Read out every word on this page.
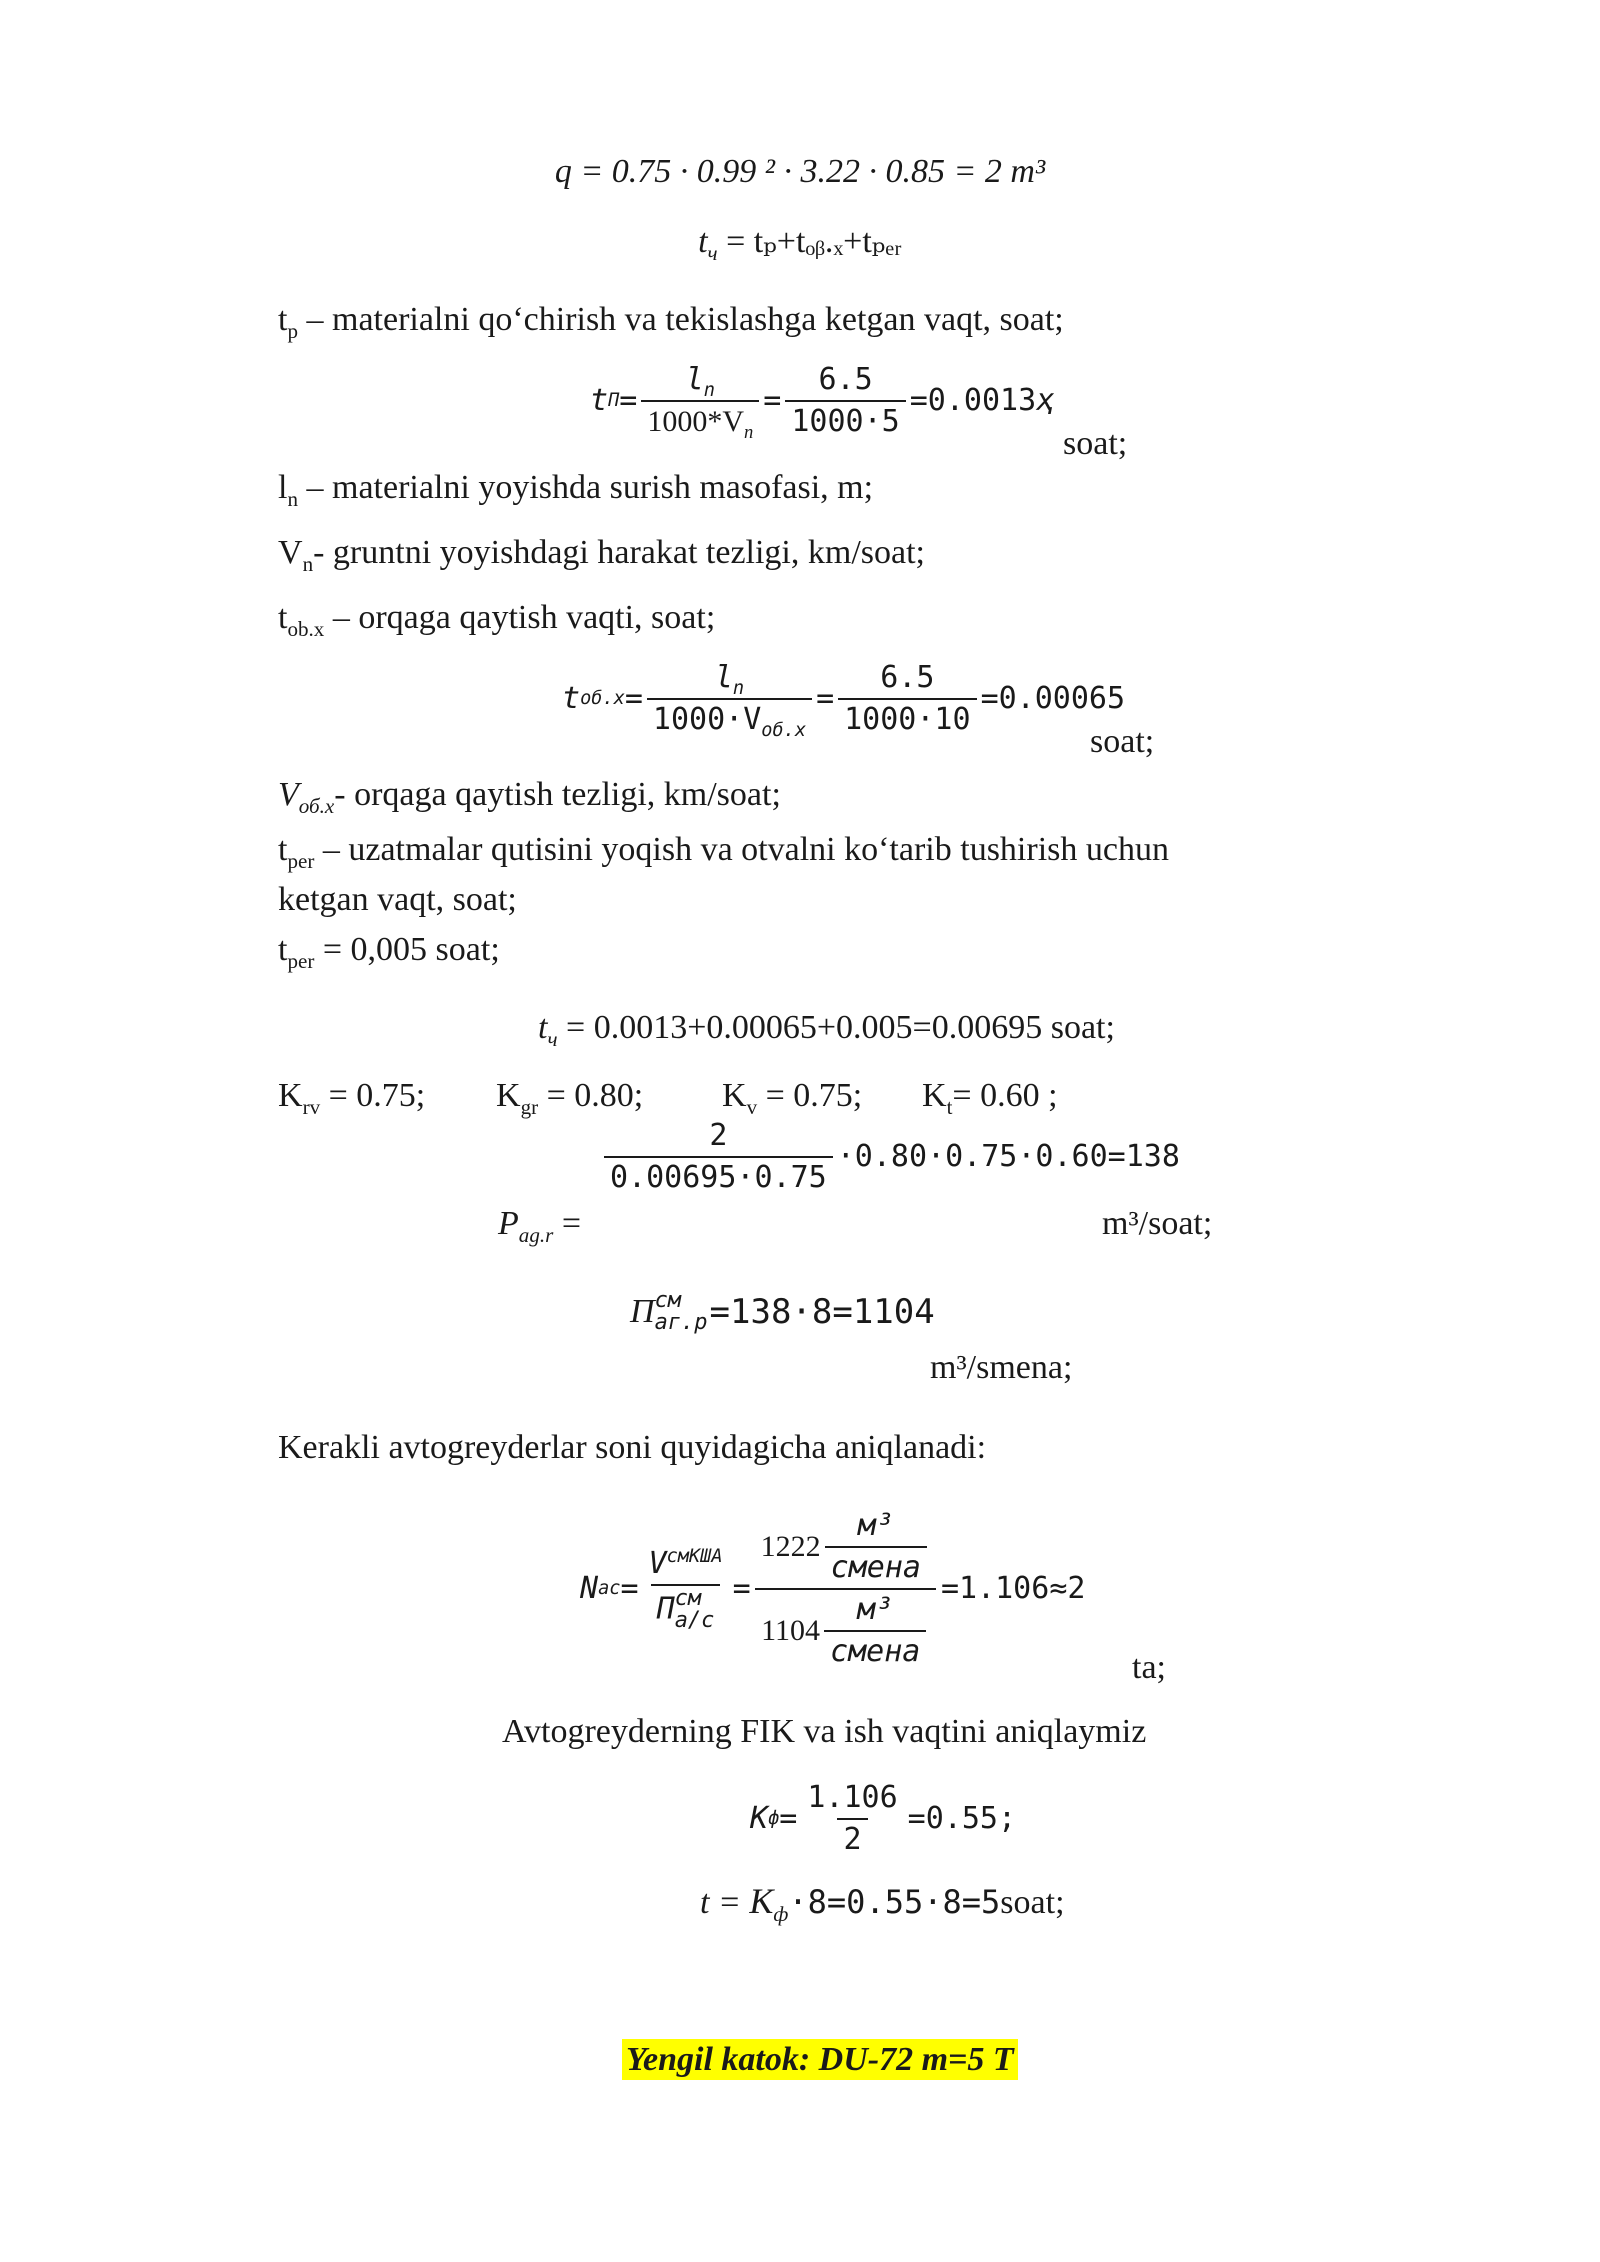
q = 0.75 · 0.99 ² · 3.22 · 0.85 = 2 m³
$t_ч$ = tₚ+tₒᵦ.ₓ+tₚₑᵣ
$t_p$ – materialni qo‘chirish va tekislashga ketgan vaqt, soat;
t $П = \frac{l_n}{1000*V_п} = \frac{6.5}{1000\cdot 5} =0.0013$ ҳ
soat;
$l_n$ – materialni yoyishda surish masofasi, m;
$V_n-$ gruntni yoyishdagi harakat tezligi, km/soat;
$t_{ob.x}$ – orqaga qaytish vaqti, soat;
t $об.х = \frac{l_n}{1000\cdot V_{об.х}} = \frac{6.5}{1000\cdot 10} =0.00065$
soat;
$V_{об.х}-$ orqaga qaytish tezligi, km/soat;
$t_{per}$ – uzatmalar qutisini yoqish va otvalni ko‘tarib tushirish uchun
ketgan vaqt, soat;
$t_{per} = 0,005$ soat;
$t_ч = 0.0013+0.00065+0.005=0.00695$ soat;
$K_{rv} = 0.75$; $K_{gr} = 0.80$; $K_v = 0.75$; $K_t= 0.60$ ;
$\frac{2}{0.00695\cdot 0.75} \cdot 0.80\cdot 0.75\cdot 0.60=138$
$P_{ag.r}$ =	m³/soat;
П см
аг.р =138·8=1104
m³/smena;
Kerakli avtogreyderlar soni quyidagicha aniqlanadi:
N ас = $V^{смКША}$
П см
$а/с = \frac{1222 \frac{\text{м³}}{\text{смена}}}{1104 \frac{\text{м³}}{\text{смена}}} =1.106\approx 2$
ta;
Avtogreyderning FIK va ish vaqtini aniqlaymiz
K $ф = \frac{1.106}{2} =0.55$;
$t = K_ф\cdot 8=0.55\cdot 8=5soat$;
Yengil katok: DU-72 m=5 T
